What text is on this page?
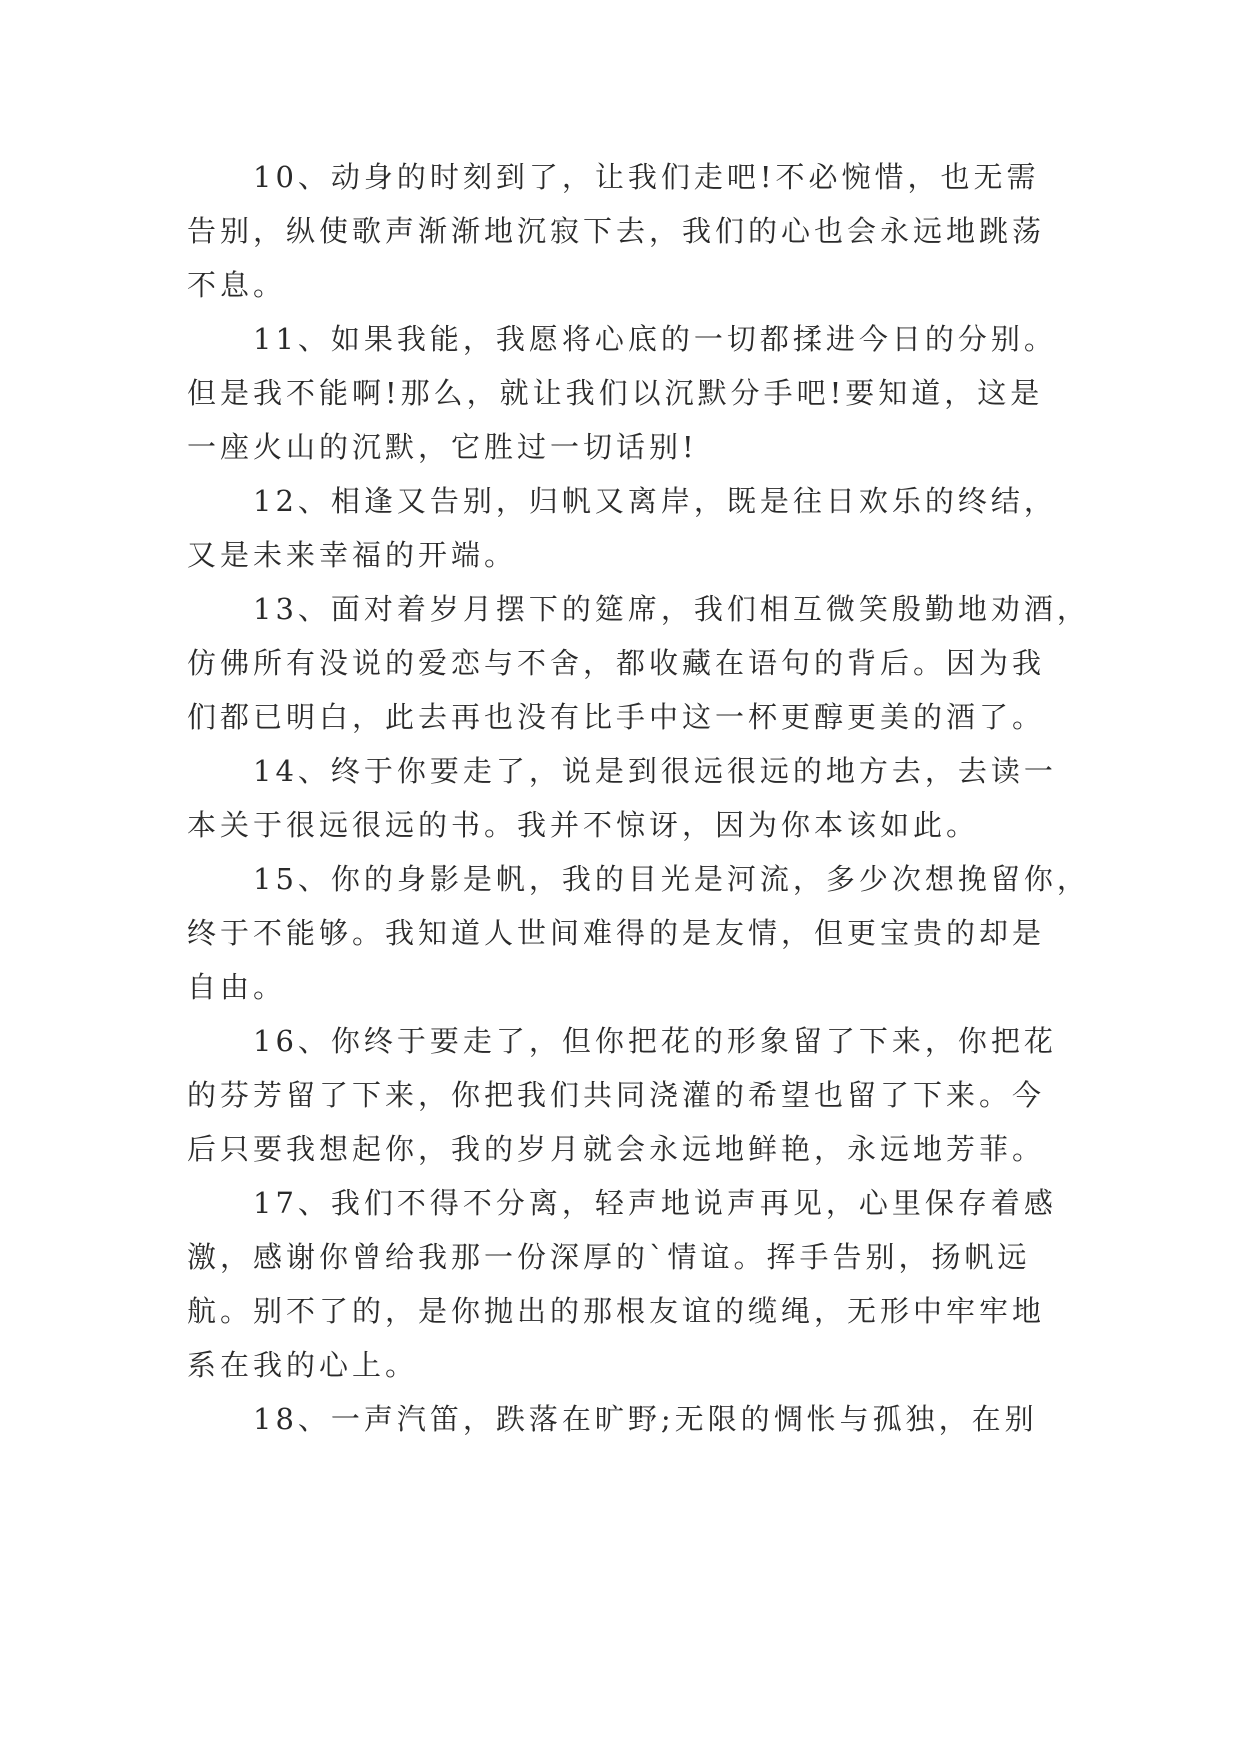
10、动身的时刻到了，让我们走吧!不必惋惜，也无需
告别，纵使歌声渐渐地沉寂下去，我们的心也会永远地跳荡
不息。
11、如果我能，我愿将心底的一切都揉进今日的分别。
但是我不能啊!那么，就让我们以沉默分手吧!要知道，这是
一座火山的沉默，它胜过一切话别!
12、相逢又告别，归帆又离岸，既是往日欢乐的终结，
又是未来幸福的开端。
13、面对着岁月摆下的筵席，我们相互微笑殷勤地劝酒，
仿佛所有没说的爱恋与不舍，都收藏在语句的背后。因为我
们都已明白，此去再也没有比手中这一杯更醇更美的酒了。
14、终于你要走了，说是到很远很远的地方去，去读一
本关于很远很远的书。我并不惊讶，因为你本该如此。
15、你的身影是帆，我的目光是河流，多少次想挽留你，
终于不能够。我知道人世间难得的是友情，但更宝贵的却是
自由。
16、你终于要走了，但你把花的形象留了下来，你把花
的芬芳留了下来，你把我们共同浇灌的希望也留了下来。今
后只要我想起你，我的岁月就会永远地鲜艳，永远地芳菲。
17、我们不得不分离，轻声地说声再见，心里保存着感
激，感谢你曾给我那一份深厚的`情谊。挥手告别，扬帆远
航。别不了的，是你抛出的那根友谊的缆绳，无形中牢牢地
系在我的心上。
18、一声汽笛，跌落在旷野;无限的惆怅与孤独，在别
